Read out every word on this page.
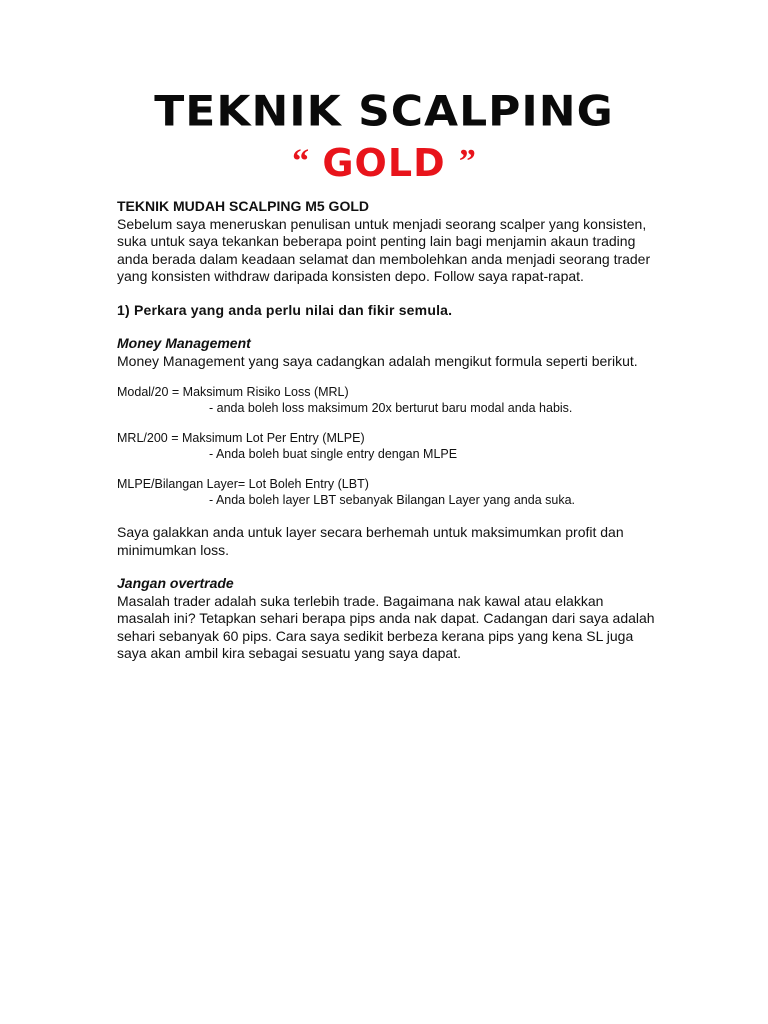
TEKNIK SCALPING
“ GOLD ”

TEKNIK MUDAH SCALPING M5 GOLD

Sebelum saya meneruskan penulisan untuk menjadi seorang scalper yang konsisten, suka untuk saya tekankan beberapa point penting lain bagi menjamin akaun trading anda berada dalam keadaan selamat dan membolehkan anda menjadi seorang trader yang konsisten withdraw daripada konsisten depo. Follow saya rapat-rapat.

1) Perkara yang anda perlu nilai dan fikir semula.

Money Management

Money Management yang saya cadangkan adalah mengikut formula seperti berikut.

Modal/20 = Maksimum Risiko Loss (MRL)

- anda boleh loss maksimum 20x berturut baru modal anda habis.

MRL/200 = Maksimum Lot Per Entry (MLPE)

- Anda boleh buat single entry dengan MLPE

MLPE/Bilangan Layer= Lot Boleh Entry (LBT)

- Anda boleh layer LBT sebanyak Bilangan Layer yang anda suka.

Saya galakkan anda untuk layer secara berhemah untuk maksimumkan profit dan minimumkan loss.

Jangan overtrade

Masalah trader adalah suka terlebih trade. Bagaimana nak kawal atau elakkan masalah ini? Tetapkan sehari berapa pips anda nak dapat. Cadangan dari saya adalah sehari sebanyak 60 pips. Cara saya sedikit berbeza kerana pips yang kena SL juga saya akan ambil kira sebagai sesuatu yang saya dapat.
